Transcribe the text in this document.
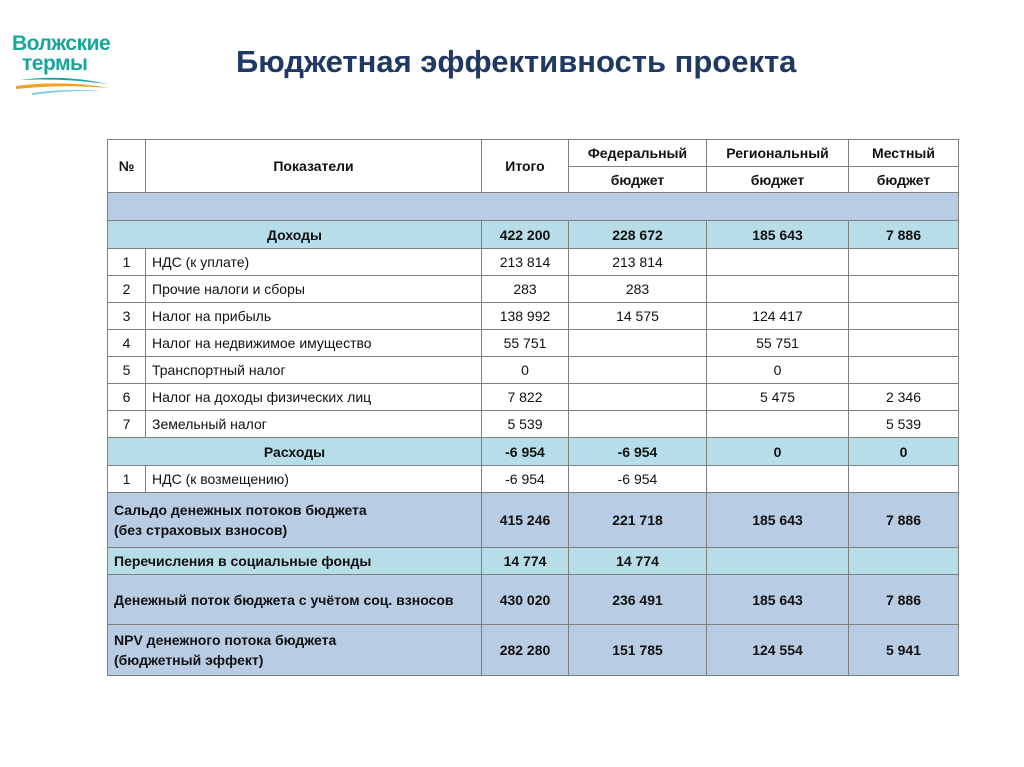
Волжские
термы	Бюджетная эффективность проекта
№	Показатели	Итого	Федеральный	Региональный	Местный
			бюджет	бюджет	бюджет

Доходы		422 200	228 672	185 643	7 886
1	НДС (к уплате)	213 814	213 814		
2	Прочие налоги и сборы	283	283		
3	Налог на прибыль	138 992	14 575	124 417	
4	Налог на недвижимое имущество	55 751		55 751	
5	Транспортный налог	0		0	
6	Налог на доходы физических лиц	7 822		5 475	2 346
7	Земельный налог	5 539			5 539
Расходы		-6 954	-6 954	0	0
1	НДС (к возмещению)	-6 954	-6 954		

Сальдо денежных потоков бюджета
(без страховых взносов)		415 246	221 718	185 643	7 886

Перечисления в социальные фонды		14 774	14 774		

Денежный поток бюджета с учётом соц. взносов		430 020	236 491	185 643	7 886

NPV денежного потока бюджета
(бюджетный эффект)		282 280	151 785	124 554	5 941
